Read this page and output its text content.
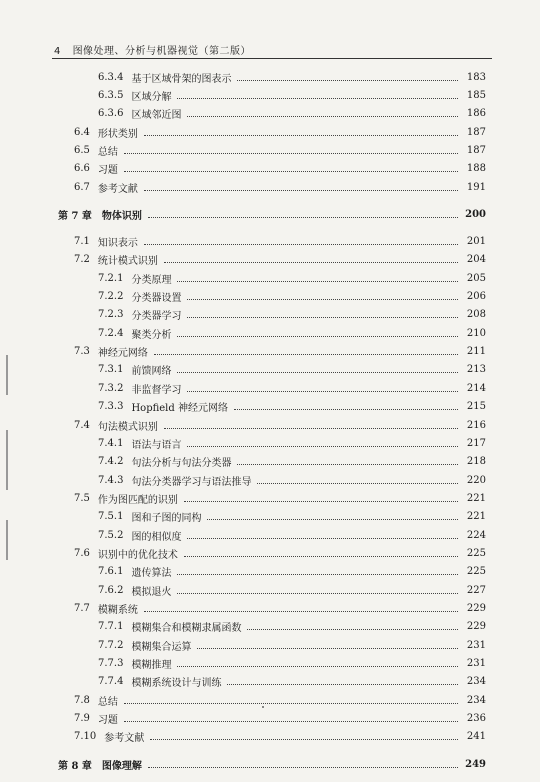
4 图像处理、分析与机器视觉（第二版）
6.3.4 基于区域骨架的图表示	183
6.3.5 区域分解	185
6.3.6 区域邻近图	186
6.4 形状类别	187
6.5 总结	187
6.6 习题	188
6.7 参考文献	191
第 7 章 物体识别	200
7.1 知识表示	201
7.2 统计模式识别	204
7.2.1 分类原理	205
7.2.2 分类器设置	206
7.2.3 分类器学习	208
7.2.4 聚类分析	210
7.3 神经元网络	211
7.3.1 前馈网络	213
7.3.2 非监督学习	214
7.3.3 Hopfield 神经元网络	215
7.4 句法模式识别	216
7.4.1 语法与语言	217
7.4.2 句法分析与句法分类器	218
7.4.3 句法分类器学习与语法推导	220
7.5 作为图匹配的识别	221
7.5.1 图和子图的同构	221
7.5.2 图的相似度	224
7.6 识别中的优化技术	225
7.6.1 遗传算法	225
7.6.2 模拟退火	227
7.7 模糊系统	229
7.7.1 模糊集合和模糊隶属函数	229
7.7.2 模糊集合运算	231
7.7.3 模糊推理	231
7.7.4 模糊系统设计与训练	234
7.8 总结	234
7.9 习题	236
7.10 参考文献	241
第 8 章 图像理解	249
